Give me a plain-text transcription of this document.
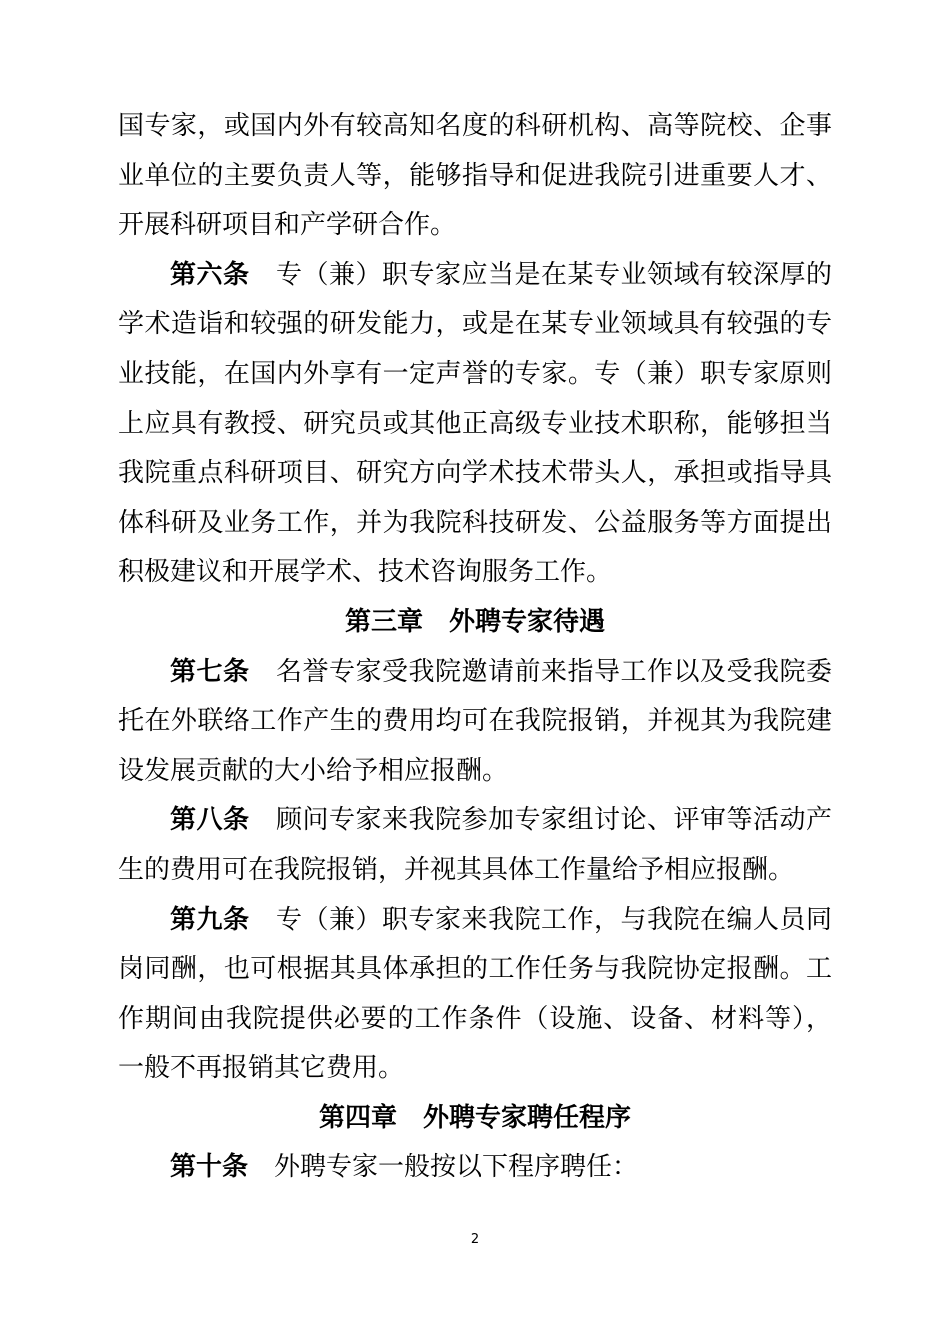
国专家，或国内外有较高知名度的科研机构、高等院校、企事业单位的主要负责人等，能够指导和促进我院引进重要人才、开展科研项目和产学研合作。

第六条 专（兼）职专家应当是在某专业领域有较深厚的学术造诣和较强的研发能力，或是在某专业领域具有较强的专业技能，在国内外享有一定声誉的专家。专（兼）职专家原则上应具有教授、研究员或其他正高级专业技术职称，能够担当我院重点科研项目、研究方向学术技术带头人，承担或指导具体科研及业务工作，并为我院科技研发、公益服务等方面提出积极建议和开展学术、技术咨询服务工作。

第三章　外聘专家待遇

第七条 名誉专家受我院邀请前来指导工作以及受我院委托在外联络工作产生的费用均可在我院报销，并视其为我院建设发展贡献的大小给予相应报酬。

第八条 顾问专家来我院参加专家组讨论、评审等活动产生的费用可在我院报销，并视其具体工作量给予相应报酬。

第九条 专（兼）职专家来我院工作，与我院在编人员同岗同酬，也可根据其具体承担的工作任务与我院协定报酬。工作期间由我院提供必要的工作条件（设施、设备、材料等），一般不再报销其它费用。

第四章　外聘专家聘任程序

第十条 外聘专家一般按以下程序聘任：

2
